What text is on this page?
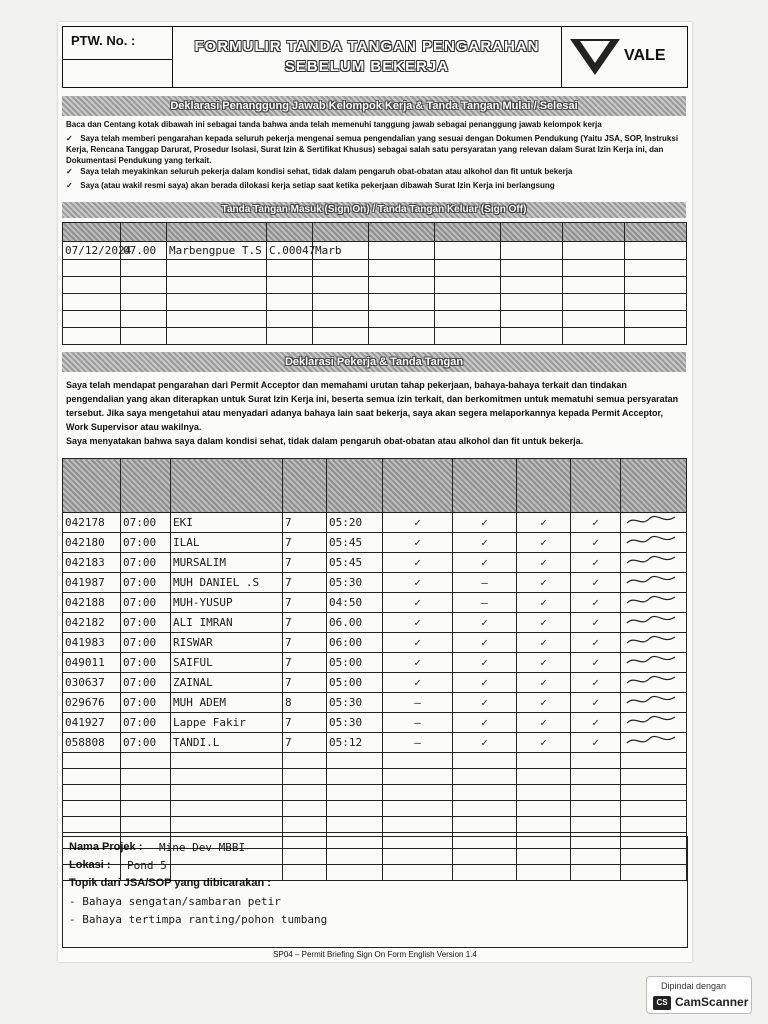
PTW. No. :	FORMULIR TANDA TANGAN PENGARAHAN
SEBELUM BEKERJA
VALE
Deklarasi Penanggung Jawab Kelompok Kerja & Tanda Tangan Mulai / Selesai
Baca dan Centang kotak dibawah ini sebagai tanda bahwa anda telah memenuhi tanggung jawab sebagai penanggung jawab kelompok kerja
✓ Saya telah memberi pengarahan kepada seluruh pekerja mengenai semua pengendalian yang sesuai dengan Dokumen Pendukung (Yaitu JSA, SOP, Instruksi Kerja, Rencana Tanggap Darurat, Prosedur Isolasi, Surat Izin & Sertifikat Khusus) sebagai salah satu persyaratan yang relevan dalam Surat Izin Kerja ini, dan Dokumentasi Pendukung yang terkait.
✓ Saya telah meyakinkan seluruh pekerja dalam kondisi sehat, tidak dalam pengaruh obat-obatan atau alkohol dan fit untuk bekerja
✓ Saya (atau wakil resmi saya) akan berada dilokasi kerja setiap saat ketika pekerjaan dibawah Surat Izin Kerja ini berlangsung
Tanda Tangan Masuk (Sign On) / Tanda Tangan Keluar (Sign Off)

07/12/2024	07.00	Marbengpue T.S	C.00047	Marb					

Deklarasi Pekerja & Tanda Tangan
Saya telah mendapat pengarahan dari Permit Acceptor dan memahami urutan tahap pekerjaan, bahaya-bahaya terkait dan tindakan pengendalian yang akan diterapkan untuk Surat Izin Kerja ini, beserta semua izin terkait, dan berkomitmen untuk mematuhi semua persyaratan tersebut. Jika saya mengetahui atau menyadari adanya bahaya lain saat bekerja, saya akan segera melaporkannya kepada Permit Acceptor, Work Supervisor atau wakilnya.
Saya menyatakan bahwa saya dalam kondisi sehat, tidak dalam pengaruh obat-obatan atau alkohol dan fit untuk bekerja.

042178	07:00	EKI	7	05:20	✓	✓	✓	✓	
042180	07:00	ILAL	7	05:45	✓	✓	✓	✓	
042183	07:00	MURSALIM	7	05:45	✓	✓	✓	✓	
041987	07:00	MUH DANIEL .S	7	05:30	✓	—	✓	✓	
042188	07:00	MUH-YUSUP	7	04:50	✓	—	✓	✓	
042182	07:00	ALI IMRAN	7	06.00	✓	✓	✓	✓	
041983	07:00	RISWAR	7	06:00	✓	✓	✓	✓	
049011	07:00	SAIFUL	7	05:00	✓	✓	✓	✓	
030637	07:00	ZAINAL	7	05:00	✓	✓	✓	✓	
029676	07:00	MUH ADEM	8	05:30	—	✓	✓	✓	
041927	07:00	Lappe Fakir	7	05:30	—	✓	✓	✓	
058808	07:00	TANDI.L	7	05:12	—	✓	✓	✓	

Nama Projek : Mine Dev MBBI
Lokasi : Pond 5
Topik dari JSA/SOP yang dibicarakan :
- Bahaya sengatan/sambaran petir
- Bahaya tertimpa ranting/pohon tumbang
SP04 – Permit Briefing Sign On Form English Version 1.4
Dipindai dengan
CS CamScanner
